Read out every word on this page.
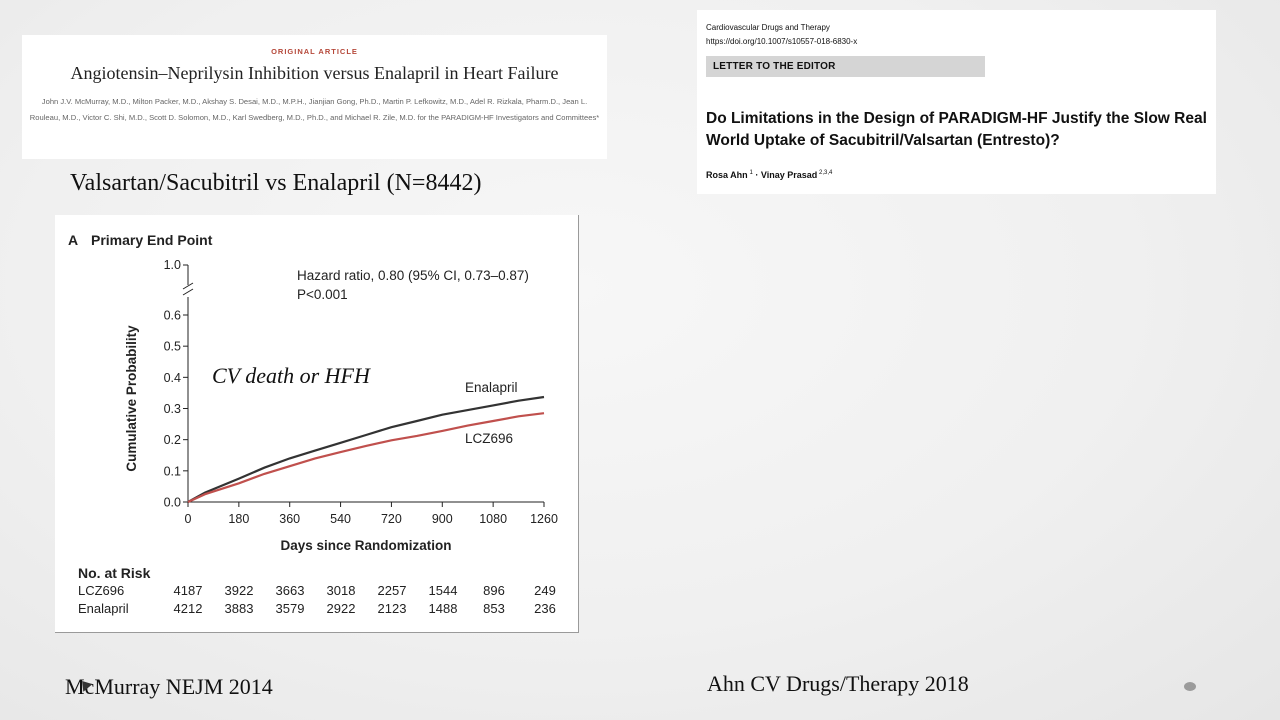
ORIGINAL ARTICLE
Angiotensin–Neprilysin Inhibition versus Enalapril in Heart Failure
John J.V. McMurray, M.D., Milton Packer, M.D., Akshay S. Desai, M.D., M.P.H., Jianjian Gong, Ph.D., Martin P. Lefkowitz, M.D., Adel R. Rizkala, Pharm.D., Jean L. Rouleau, M.D., Victor C. Shi, M.D., Scott D. Solomon, M.D., Karl Swedberg, M.D., Ph.D., and Michael R. Zile, M.D. for the PARADIGM-HF Investigators and Committees*
Valsartan/Sacubitril vs Enalapril (N=8442)
A Primary End Point
1.0
0.0
0.1
0.2
0.3
0.4
0.5
0.6
0	180 360 540 720 900 1080 1260
Days since Randomization
Cumulative Probability
Hazard ratio, 0.80 (95% CI, 0.73–0.87)
P<0.001
CV death or HFH	Enalapril
LCZ696
No. at Risk
LCZ696	4187	3922	3663	3018	2257	1544	896	249
Enalapril	4212	3883	3579	2922	2123	1488	853	236
Cardiovascular Drugs and Therapy
https://doi.org/10.1007/s10557-018-6830-x
LETTER TO THE EDITOR
Do Limitations in the Design of PARADIGM-HF Justify the Slow Real World Uptake of Sacubitril/Valsartan (Entresto)?
Rosa Ahn  $^1$ · Vinay Prasad  $^{2,3,4}$
McMurray NEJM 2014	Ahn CV Drugs/Therapy 2018
